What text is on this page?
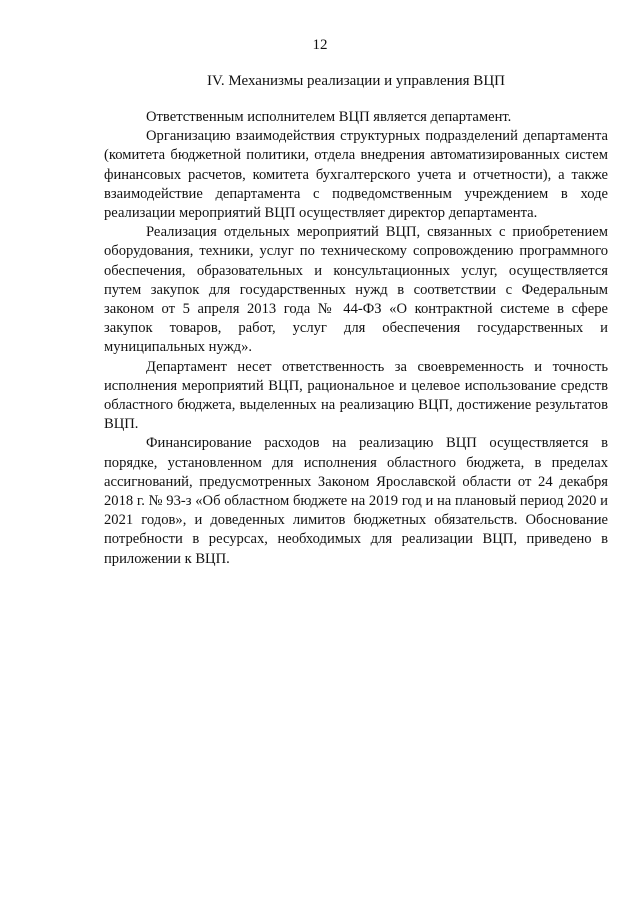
12
IV. Механизмы реализации и управления ВЦП

Ответственным исполнителем ВЦП является департамент.

Организацию взаимодействия структурных подразделений департамента (комитета бюджетной политики, отдела внедрения автоматизированных систем финансовых расчетов, комитета бухгалтерского учета и отчетности), а также взаимодействие департамента с подведомственным учреждением в ходе реализации мероприятий ВЦП осуществляет директор департамента.

Реализация отдельных мероприятий ВЦП, связанных с приобретением оборудования, техники, услуг по техническому сопровождению программного обеспечения, образовательных и консультационных услуг, осуществляется путем закупок для государственных нужд в соответствии с Федеральным законом от 5 апреля 2013 года № 44-ФЗ «О контрактной системе в сфере закупок товаров, работ, услуг для обеспечения государственных и муниципальных нужд».

Департамент несет ответственность за своевременность и точность исполнения мероприятий ВЦП, рациональное и целевое использование средств областного бюджета, выделенных на реализацию ВЦП, достижение результатов ВЦП.

Финансирование расходов на реализацию ВЦП осуществляется в порядке, установленном для исполнения областного бюджета, в пределах ассигнований, предусмотренных Законом Ярославской области от 24 декабря 2018 г. № 93-з «Об областном бюджете на 2019 год и на плановый период 2020 и 2021 годов», и доведенных лимитов бюджетных обязательств. Обоснование потребности в ресурсах, необходимых для реализации ВЦП, приведено в приложении к ВЦП.
